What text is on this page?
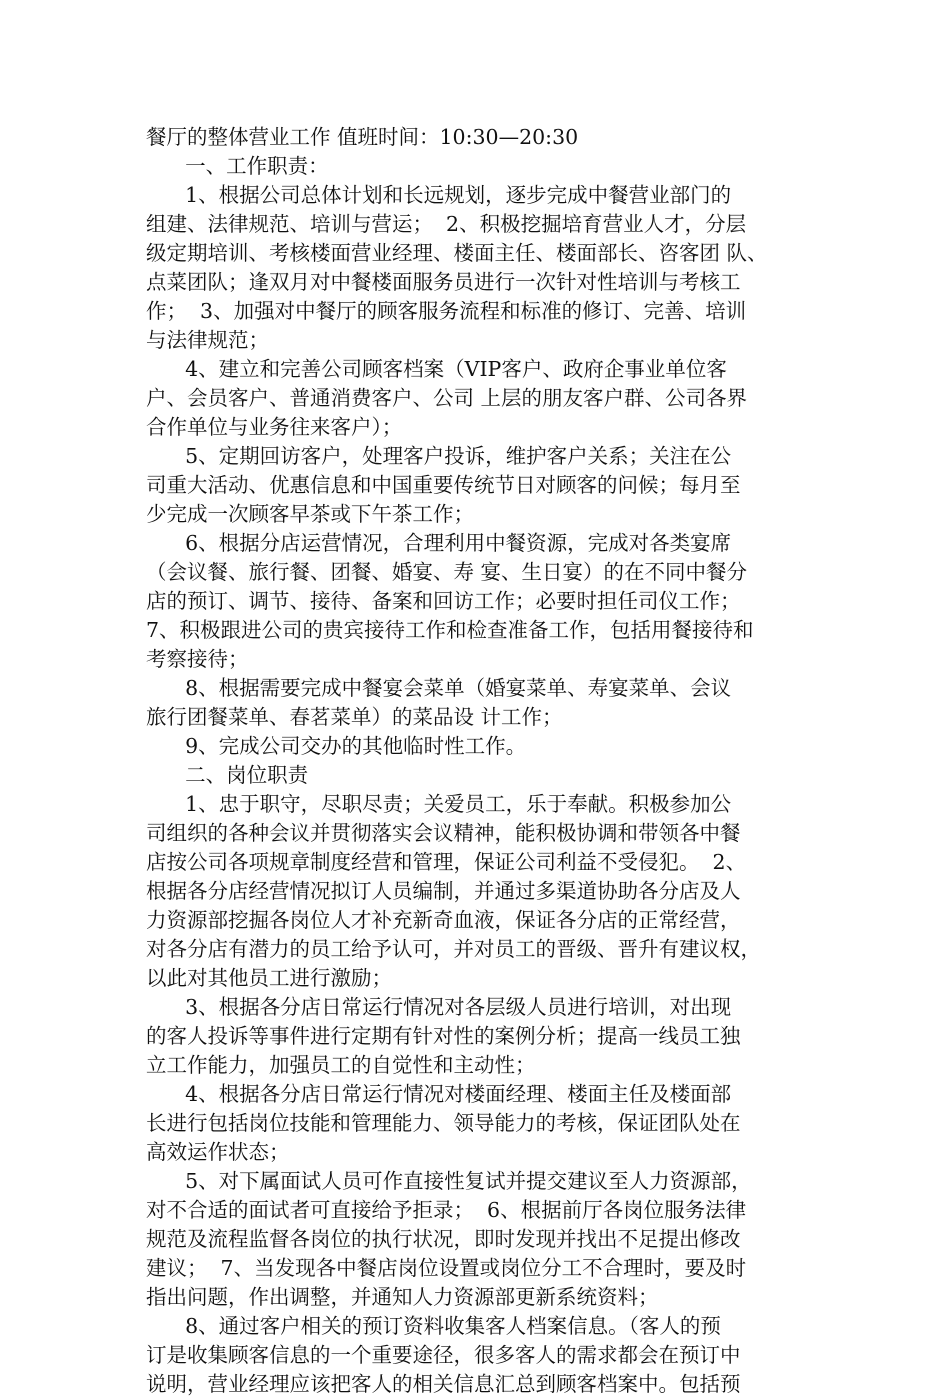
餐厅的整体营业工作 值班时间：10:30—20:30
一、工作职责：
1、根据公司总体计划和长远规划，逐步完成中餐营业部门的
组建、法律规范、培训与营运；  2、积极挖掘培育营业人才，分层
级定期培训、考核楼面营业经理、楼面主任、楼面部长、咨客团 队、
点菜团队；逢双月对中餐楼面服务员进行一次针对性培训与考核工
作；  3、加强对中餐厅的顾客服务流程和标准的修订、完善、培训
与法律规范；
4、建立和完善公司顾客档案（VIP客户、政府企事业单位客
户、会员客户、普通消费客户、公司 上层的朋友客户群、公司各界
合作单位与业务往来客户）；
5、定期回访客户，处理客户投诉，维护客户关系；关注在公
司重大活动、优惠信息和中国重要传统节日对顾客的问候；每月至
少完成一次顾客早茶或下午茶工作；
6、根据分店运营情况，合理利用中餐资源，完成对各类宴席
（会议餐、旅行餐、团餐、婚宴、寿 宴、生日宴）的在不同中餐分
店的预订、调节、接待、备案和回访工作；必要时担任司仪工作；
7、积极跟进公司的贵宾接待工作和检查准备工作，包括用餐接待和
考察接待；
8、根据需要完成中餐宴会菜单（婚宴菜单、寿宴菜单、会议
旅行团餐菜单、春茗菜单）的菜品设 计工作；
9、完成公司交办的其他临时性工作。
二、岗位职责
1、忠于职守，尽职尽责；关爱员工，乐于奉献。积极参加公
司组织的各种会议并贯彻落实会议精神，能积极协调和带领各中餐
店按公司各项规章制度经营和管理，保证公司利益不受侵犯。  2、
根据各分店经营情况拟订人员编制，并通过多渠道协助各分店及人
力资源部挖掘各岗位人才补充新奇血液，保证各分店的正常经营，
对各分店有潜力的员工给予认可，并对员工的晋级、晋升有建议权，
以此对其他员工进行激励；
3、根据各分店日常运行情况对各层级人员进行培训，对出现
的客人投诉等事件进行定期有针对性的案例分析；提高一线员工独
立工作能力，加强员工的自觉性和主动性；
4、根据各分店日常运行情况对楼面经理、楼面主任及楼面部
长进行包括岗位技能和管理能力、领导能力的考核，保证团队处在
高效运作状态；
5、对下属面试人员可作直接性复试并提交建议至人力资源部，
对不合适的面试者可直接给予拒录；  6、根据前厅各岗位服务法律
规范及流程监督各岗位的执行状况，即时发现并找出不足提出修改
建议；  7、当发现各中餐店岗位设置或岗位分工不合理时，要及时
指出问题，作出调整，并通知人力资源部更新系统资料；
8、通过客户相关的预订资料收集客人档案信息。（客人的预
订是收集顾客信息的一个重要途径，很多客人的需求都会在预订中
说明，营业经理应该把客人的相关信息汇总到顾客档案中。包括预
